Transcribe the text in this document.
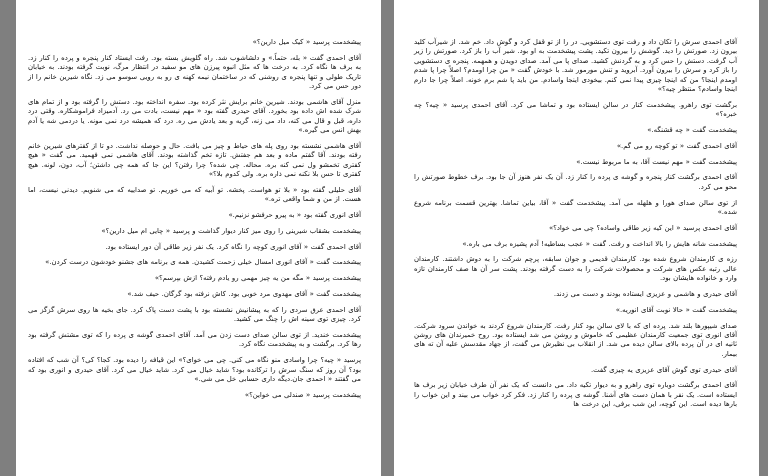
پیشخدمت پرسید « کیک میل دارین؟»

آقای احمدی گفت « بله، حتماً.» و دلشاشوب شد. راه گلویش بسته بود. رفت ایستاد کنار پنجره و پرده را کنار زد. به برف ها نگاه کرد. به درخت ها که مثل انبوه پیرزن های مو سفید در انتظار مرگ، نوبت گرفته بودند. به خیابان تاریک طولی و تنها پنجره ی روشنی که در ساختمان نیمه کهنه ی رو به رویی سوسو می زد. نگاه شیرین خانم را از دور حس می کرد.

منزل آقای هاشمی بودند. شیرین خانم برایش نثر کرده بود. سفره انداخته بود. دستش را گرفته بود و از تمام های شرک شده اش داده بود بخورد. آقای حیدری گفته بود « مهم نیست، بادت می رد. آدمیزاد فراموشکاره. وقتی درد داره، قبل و قال می کنه، داد می زنه، گریه و بعد یادش می ره. درد که همیشه درد نمی مونه. یا دردمی شه یا آدم بهش انس می گیره.»

آقای هاشمی نشسته بود روی پله های حیاط و چیز می بافت. حال و حوصله نداشت. دو تا از کفترهای شیرین خانم رفته بودند. آقا گفتم ماده و بعد هم جفتش. تازه تخم گذاشته بودند. آقای هاشمی نمی فهمید. می گفت « هیچ کفتری تخمشو ول نمی کنه بره. محاله. چی شده؟ چرا رفتن؟ این جا که همه چی داشتن؛ آب، دون، لونه. هیچ کفتری تا حس بلا نکنه نمی ذاره بره. ولی کدوم بلا؟»

آقای حلیلی گفته بود « بلا تو هواست. پخشه. تو آبیه که می خوریم. تو صداییه که می شنویم. دیدنی نیست، اما هست. از من و شما واقعی تره.»

آقای انوری گفته بود « به پیرو حرفشو نزنیم.»

پیشخدمت بشقاب شیرینی را روی میز کنار دیوار گذاشت و پرسید « چایی ام میل دارین؟»

آقای احمدی گفت « آقای انوری کوچه را نگاه کرد. یک نفر زیر طاقی آن دور ایستاده بود.

پیشخدمت گفت « آقای انوری امسال خیلی زحمت کشیدن. همه ی برنامه های جشنو خودشون درست کردن.»

پیشخدمت پرسید « مگه من یه چیز مهمی رو یادم رفته؟ ازش بپرسم؟»

پیشخدمت گفت « آقای مهدوی مرد خوبی بود. کاش نرفته بود گرگان. حیف شد.»

آقای احمدی عرق سردی را که به پیشانیش نشسته بود با پشت دست پاک کرد. جای بخیه ها روی سرش گزگز می کرد. چیزی توی سینه اش را چنگ می کشید.

پیشخدمت خندید. از توی سالن صدای دست زدن می آمد. آقای احمدی گوشه ی پرده را که توی مشتش گرفته بود رها کرد. برگشت و به پیشخدمت نگاه کرد.

پرسید « چیه؟ چرا واسادی منو نگاه می کنی. چی می خوای؟» این قیافه را دیده بود. کجا؟ کی؟ آن شب که افتاده بود؟ آن روز که سنگ سرش را ترکانده بود؟ شاید خیال می کرد. شاید خیال می کرد. آقای حیدری و انوری بود که می گفتند « احمدی جان.دیگه داری حسابی خل می شی.»

پیشخدمت پرسید « صندلی می خواین؟»

آقای احمدی سرش را تکان داد و رفت توی دستشویی. در را از تو قفل کرد و گوش داد. خم شد. از شیرآب کلید بیرون زد. صورتش را دید. گوشش را بیرون تکید. پشت پیشخدمت به او بود. شیر آب را باز کرد. صورتش را زیر آب گرفت. دستش را حس کرد و به گردنش کشید. صدای پا می آمد. صدای دویدن و همهمه. پنجره ی دستشویی را باز کرد و سرش را بیرون آورد. آبروید و تنش مورمور شد. با خودش گفت « من چرا اومدم؟ اصلاً چرا پا شدم اومدم اینجا؟ من که اینجا چیزی پیدا نمی کنم. بیخودی اینجا واسادم. من باید پا شم برم خونه. اصلاً چرا جا دارم اینجا واسادم؟ منتظر چیه؟»

برگشت توی راهرو. پیشخدمت کنار در سالن ایستاده بود و تماشا می کرد. آقای احمدی پرسید « چیه؟ چه خبره؟»

پیشخدمت گفت « چه قشنگه.»

آقای احمدی گفت « تو کوچه رو می گم.»

پیشخدمت گفت « مهم نیست آقا، به ما مربوط نیست.»

آقای احمدی برگشت کنار پنجره و گوشه ی پرده را کنار زد. آن یک نفر هنوز آن جا بود. برف خطوط صورتش را محو می کرد.

از توی سالن صدای هورا و هلهله می آمد. پیشخدمت گفت « آقا، بیاین تماشا. بهترین قسمت برنامه شروع شده.»

آقای احمدی پرسید « این کیه زیر طاقی واساده؟ چی می خواد؟»

پیشخدمت شانه هایش را بالا انداخت و رفت. گفت « عجب بساطیه! آدم پشیزه برف می باره.»

رزه ی کارمندان شروع شده بود. کارمندان قدیمی و جوان سابقه، پرچم شرکت را به دوش داشتند. کارمندان عالی رتبه عکس های شرکت و محصولات شرکت را به دست گرفته بودند. پشت سر آن ها صف کارمندان تازه وارد و خانواده هایشان بود.

آقای حیدری و هاشمی و عزیزی ایستاده بودند و دست می زدند.

پیشخدمت گفت « حالا نوبت آقای انوریه.»

صدای شیپورها بلند شد. پرده ای که با لای سالن بود کنار رفت. کارمندان شروع کردند به خواندن سرود شرکت. آقای انوری توی جمعیت کارمندان عظیمی که خاموش و روشن می شد ایستاده بود. روح خمیرندان های روشن ثانیه ای در آن پرده بالای سالن دیده می شد. از انقلاب بی نظیرش می گفت، از جهاد مقدسش علیه آن ته های بیمار.

آقای حیدری توی گوش آقای عزیزی یه چیزی گفت.

آقای احمدی برگشت دوباره توی راهرو و به دیوار تکیه داد. می دانست که یک نفر آن طرف خیابان زیر برف ها ایستاده است. یک نفر با همان دست های آشنا. گوشه ی پرده را کنار زد. فکر کرد خواب می بیند و این خواب را بارها دیده است. این کوچه، این شب برفی، این درخت ها
